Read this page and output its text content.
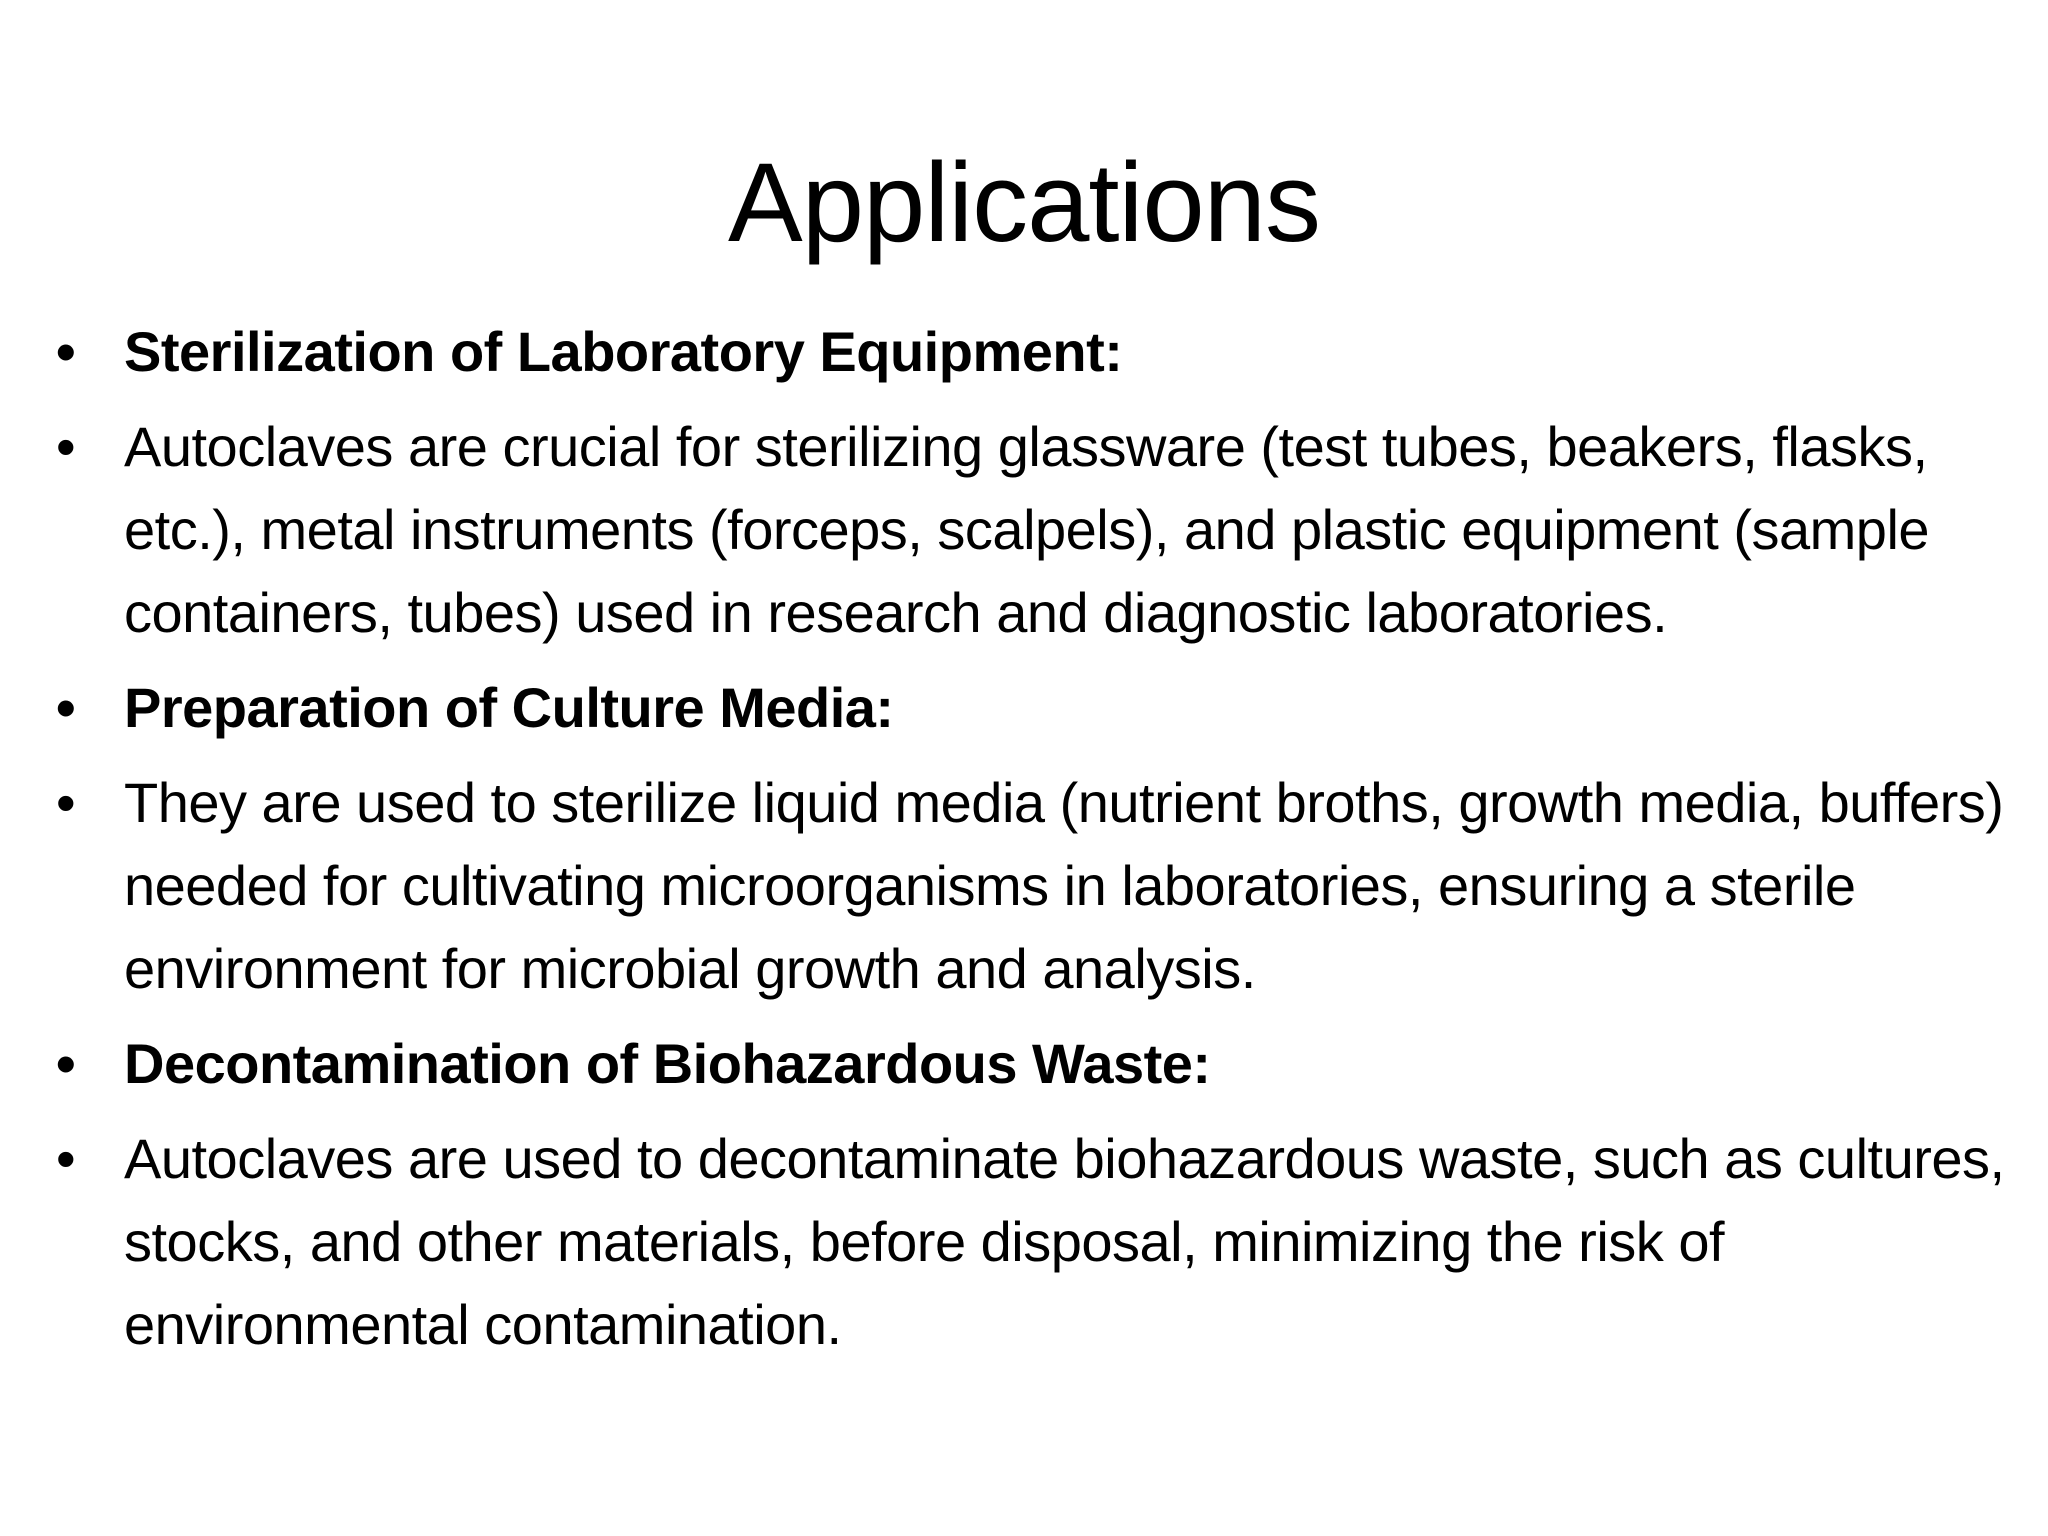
Applications
• Sterilization of Laboratory Equipment:
• Autoclaves are crucial for sterilizing glassware (test tubes, beakers, flasks, etc.), metal instruments (forceps, scalpels), and plastic equipment (sample containers, tubes) used in research and diagnostic laboratories.
• Preparation of Culture Media:
• They are used to sterilize liquid media (nutrient broths, growth media, buffers) needed for cultivating microorganisms in laboratories, ensuring a sterile environment for microbial growth and analysis.
• Decontamination of Biohazardous Waste:
• Autoclaves are used to decontaminate biohazardous waste, such as cultures, stocks, and other materials, before disposal, minimizing the risk of environmental contamination.
